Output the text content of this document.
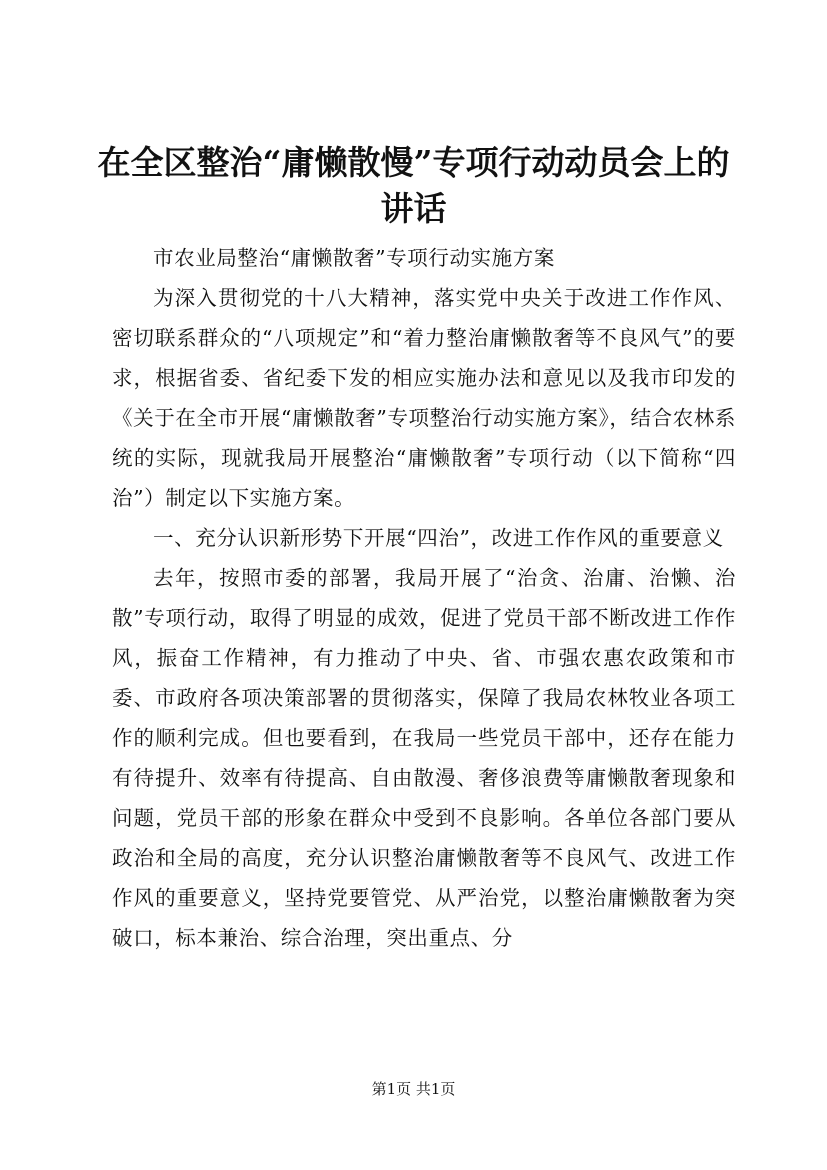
在全区整治“庸懒散慢”专项行动动员会上的讲话

市农业局整治“庸懒散奢”专项行动实施方案

为深入贯彻党的十八大精神，落实党中央关于改进工作作风、密切联系群众的“八项规定”和“着力整治庸懒散奢等不良风气”的要求，根据省委、省纪委下发的相应实施办法和意见以及我市印发的《关于在全市开展“庸懒散奢”专项整治行动实施方案》，结合农林系统的实际，现就我局开展整治“庸懒散奢”专项行动（以下简称“四治”）制定以下实施方案。

一、充分认识新形势下开展“四治”，改进工作作风的重要意义

去年，按照市委的部署，我局开展了“治贪、治庸、治懒、治散”专项行动，取得了明显的成效，促进了党员干部不断改进工作作风，振奋工作精神，有力推动了中央、省、市强农惠农政策和市委、市政府各项决策部署的贯彻落实，保障了我局农林牧业各项工作的顺利完成。但也要看到，在我局一些党员干部中，还存在能力有待提升、效率有待提高、自由散漫、奢侈浪费等庸懒散奢现象和问题，党员干部的形象在群众中受到不良影响。各单位各部门要从政治和全局的高度，充分认识整治庸懒散奢等不良风气、改进工作作风的重要意义，坚持党要管党、从严治党，以整治庸懒散奢为突破口，标本兼治、综合治理，突出重点、分

第1页 共1页
